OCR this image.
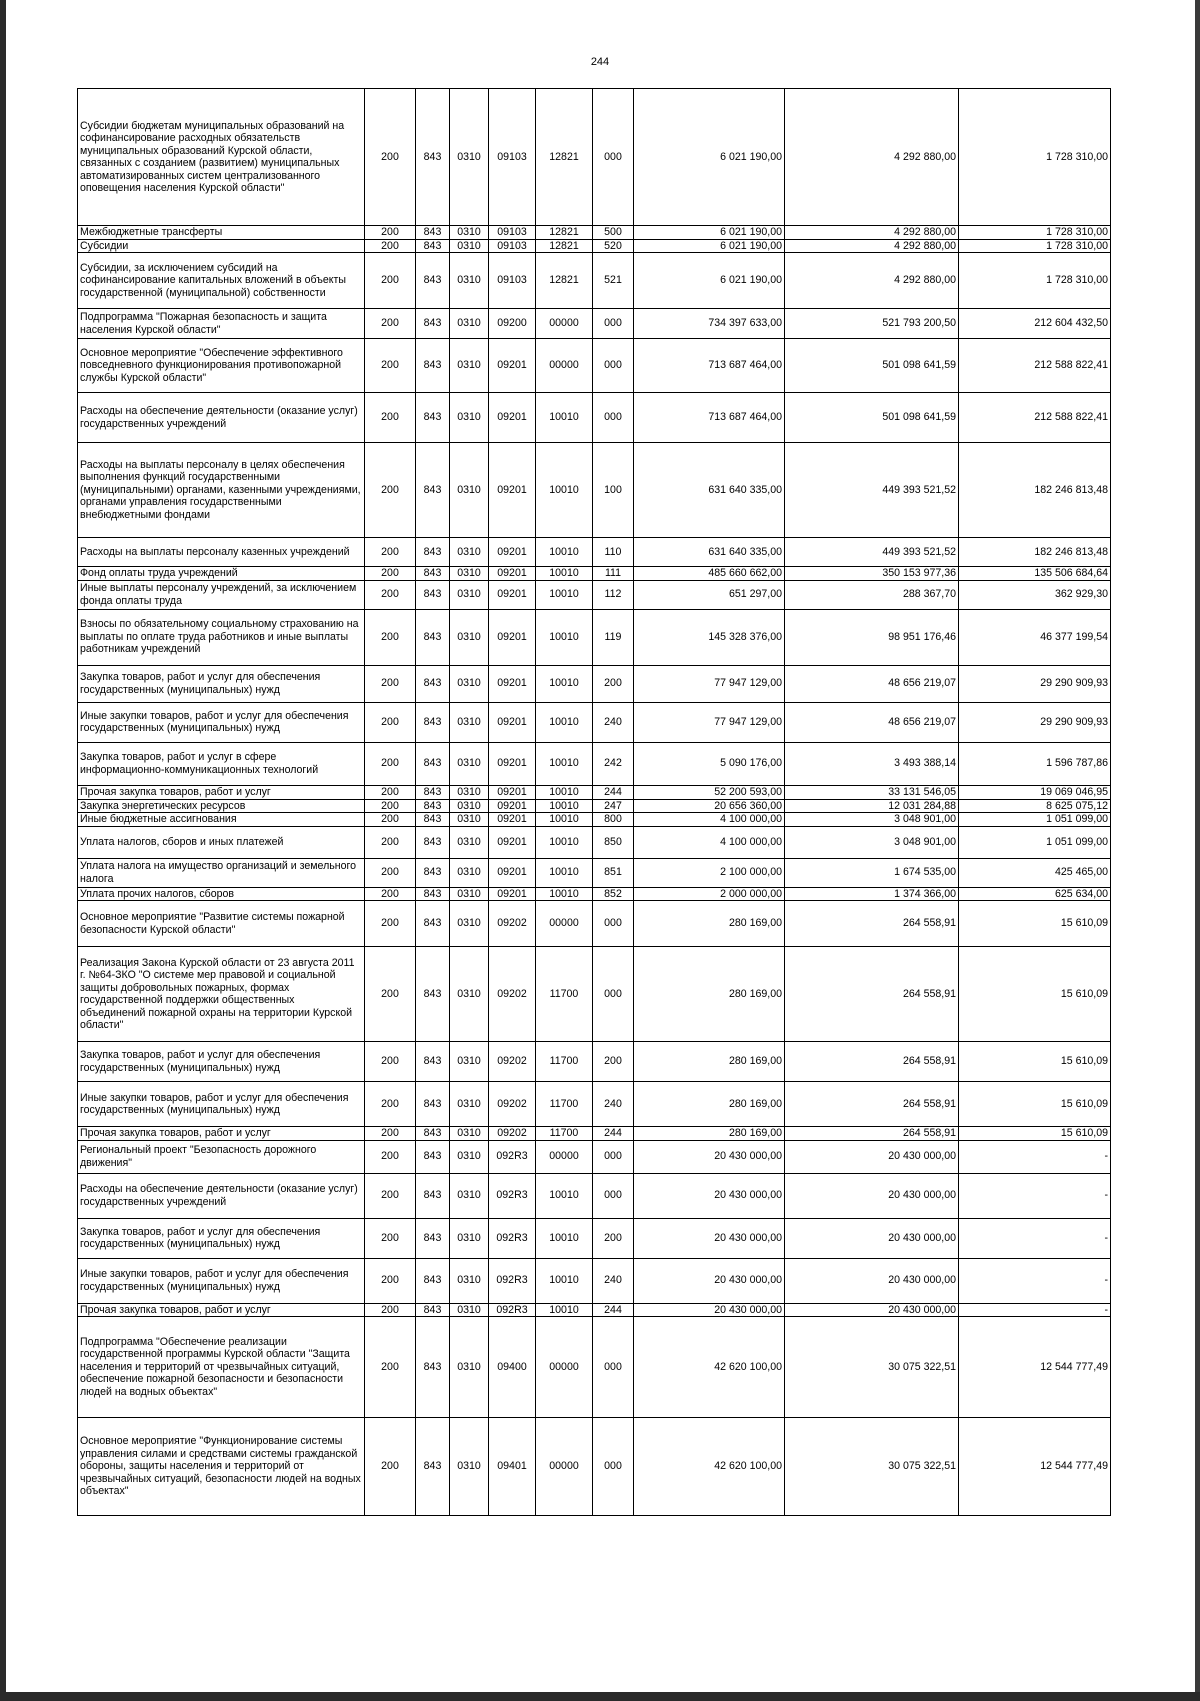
244
Субсидии бюджетам муниципальных образований на софинансирование расходных обязательств муниципальных образований Курской области, связанных с созданием (развитием) муниципальных автоматизированных систем централизованного оповещения населения Курской области"	200	843	0310	09103	12821	000	6 021 190,00	4 292 880,00	1 728 310,00
Межбюджетные трансферты	200	843	0310	09103	12821	500	6 021 190,00	4 292 880,00	1 728 310,00
Субсидии	200	843	0310	09103	12821	520	6 021 190,00	4 292 880,00	1 728 310,00
Субсидии, за исключением субсидий на софинансирование капитальных вложений в объекты государственной (муниципальной) собственности	200	843	0310	09103	12821	521	6 021 190,00	4 292 880,00	1 728 310,00
Подпрограмма "Пожарная безопасность и защита населения Курской области"	200	843	0310	09200	00000	000	734 397 633,00	521 793 200,50	212 604 432,50
Основное мероприятие "Обеспечение эффективного повседневного функционирования противопожарной службы Курской области"	200	843	0310	09201	00000	000	713 687 464,00	501 098 641,59	212 588 822,41
Расходы на обеспечение деятельности (оказание услуг) государственных учреждений	200	843	0310	09201	10010	000	713 687 464,00	501 098 641,59	212 588 822,41
Расходы на выплаты персоналу в целях обеспечения выполнения функций государственными (муниципальными) органами, казенными учреждениями, органами управления государственными внебюджетными фондами	200	843	0310	09201	10010	100	631 640 335,00	449 393 521,52	182 246 813,48
Расходы на выплаты персоналу казенных учреждений	200	843	0310	09201	10010	110	631 640 335,00	449 393 521,52	182 246 813,48
Фонд оплаты труда учреждений	200	843	0310	09201	10010	111	485 660 662,00	350 153 977,36	135 506 684,64
Иные выплаты персоналу учреждений, за исключением фонда оплаты труда	200	843	0310	09201	10010	112	651 297,00	288 367,70	362 929,30
Взносы по обязательному социальному страхованию на выплаты по оплате труда работников и иные выплаты работникам учреждений	200	843	0310	09201	10010	119	145 328 376,00	98 951 176,46	46 377 199,54
Закупка товаров, работ и услуг для обеспечения государственных (муниципальных) нужд	200	843	0310	09201	10010	200	77 947 129,00	48 656 219,07	29 290 909,93
Иные закупки товаров, работ и услуг для обеспечения государственных (муниципальных) нужд	200	843	0310	09201	10010	240	77 947 129,00	48 656 219,07	29 290 909,93
Закупка товаров, работ и услуг в сфере информационно-коммуникационных технологий	200	843	0310	09201	10010	242	5 090 176,00	3 493 388,14	1 596 787,86
Прочая закупка товаров, работ и услуг	200	843	0310	09201	10010	244	52 200 593,00	33 131 546,05	19 069 046,95
Закупка энергетических ресурсов	200	843	0310	09201	10010	247	20 656 360,00	12 031 284,88	8 625 075,12
Иные бюджетные ассигнования	200	843	0310	09201	10010	800	4 100 000,00	3 048 901,00	1 051 099,00
Уплата налогов, сборов и иных платежей	200	843	0310	09201	10010	850	4 100 000,00	3 048 901,00	1 051 099,00
Уплата налога на имущество организаций и земельного налога	200	843	0310	09201	10010	851	2 100 000,00	1 674 535,00	425 465,00
Уплата прочих налогов, сборов	200	843	0310	09201	10010	852	2 000 000,00	1 374 366,00	625 634,00
Основное мероприятие "Развитие системы пожарной безопасности Курской области"	200	843	0310	09202	00000	000	280 169,00	264 558,91	15 610,09
Реализация Закона Курской области от 23 августа 2011 г. №64-ЗКО "О системе мер правовой и социальной защиты добровольных пожарных, формах государственной поддержки общественных объединений пожарной охраны на территории Курской области"	200	843	0310	09202	11700	000	280 169,00	264 558,91	15 610,09
Закупка товаров, работ и услуг для обеспечения государственных (муниципальных) нужд	200	843	0310	09202	11700	200	280 169,00	264 558,91	15 610,09
Иные закупки товаров, работ и услуг для обеспечения государственных (муниципальных) нужд	200	843	0310	09202	11700	240	280 169,00	264 558,91	15 610,09
Прочая закупка товаров, работ и услуг	200	843	0310	09202	11700	244	280 169,00	264 558,91	15 610,09
Региональный проект "Безопасность дорожного движения"	200	843	0310	092R3	00000	000	20 430 000,00	20 430 000,00	-
Расходы на обеспечение деятельности (оказание услуг) государственных учреждений	200	843	0310	092R3	10010	000	20 430 000,00	20 430 000,00	-
Закупка товаров, работ и услуг для обеспечения государственных (муниципальных) нужд	200	843	0310	092R3	10010	200	20 430 000,00	20 430 000,00	-
Иные закупки товаров, работ и услуг для обеспечения государственных (муниципальных) нужд	200	843	0310	092R3	10010	240	20 430 000,00	20 430 000,00	-
Прочая закупка товаров, работ и услуг	200	843	0310	092R3	10010	244	20 430 000,00	20 430 000,00	-
Подпрограмма "Обеспечение реализации государственной программы Курской области "Защита населения и территорий от чрезвычайных ситуаций, обеспечение пожарной безопасности и безопасности людей на водных объектах"	200	843	0310	09400	00000	000	42 620 100,00	30 075 322,51	12 544 777,49
Основное мероприятие "Функционирование системы управления силами и средствами системы гражданской обороны, защиты населения и территорий от чрезвычайных ситуаций, безопасности людей на водных объектах"	200	843	0310	09401	00000	000	42 620 100,00	30 075 322,51	12 544 777,49
